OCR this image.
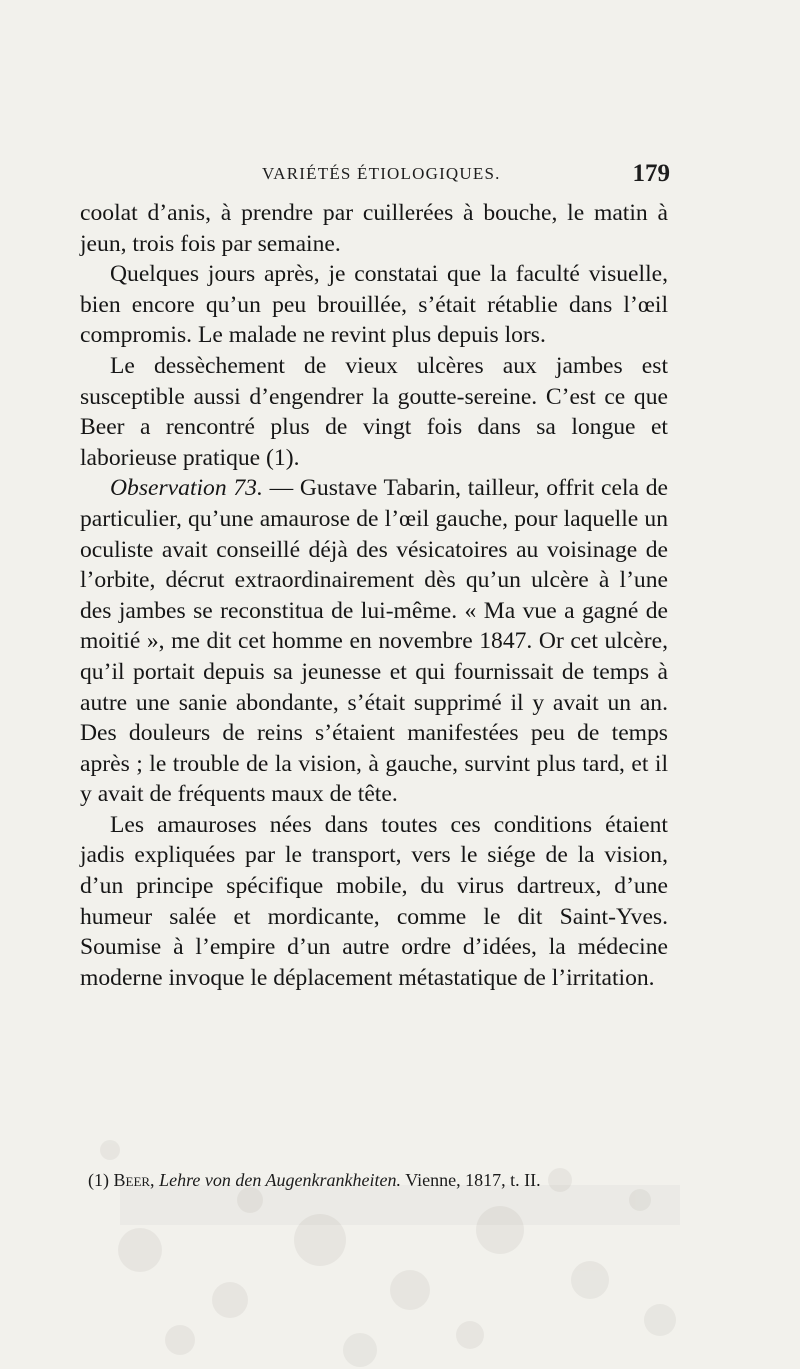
VARIÉTÉS ÉTIOLOGIQUES.	179

coolat d’anis, à prendre par cuillerées à bouche, le matin à jeun, trois fois par semaine.

Quelques jours après, je constatai que la faculté visuelle, bien encore qu’un peu brouillée, s’était rétablie dans l’œil compromis. Le malade ne revint plus depuis lors.

Le dessèchement de vieux ulcères aux jambes est susceptible aussi d’engendrer la goutte-sereine. C’est ce que Beer a rencontré plus de vingt fois dans sa longue et laborieuse pratique (1).

Observation 73. — Gustave Tabarin, tailleur, offrit cela de particulier, qu’une amaurose de l’œil gauche, pour laquelle un oculiste avait conseillé déjà des vésicatoires au voisinage de l’orbite, décrut extraordinairement dès qu’un ulcère à l’une des jambes se reconstitua de lui-même. « Ma vue a gagné de moitié », me dit cet homme en novembre 1847. Or cet ulcère, qu’il portait depuis sa jeunesse et qui fournissait de temps à autre une sanie abondante, s’était supprimé il y avait un an. Des douleurs de reins s’étaient manifestées peu de temps après ; le trouble de la vision, à gauche, survint plus tard, et il y avait de fréquents maux de tête.

Les amauroses nées dans toutes ces conditions étaient jadis expliquées par le transport, vers le siége de la vision, d’un principe spécifique mobile, du virus dartreux, d’une humeur salée et mordicante, comme le dit Saint-Yves. Soumise à l’empire d’un autre ordre d’idées, la médecine moderne invoque le déplacement métastatique de l’irritation.

(1) Beer, Lehre von den Augenkrankheiten. Vienne, 1817, t. II.
